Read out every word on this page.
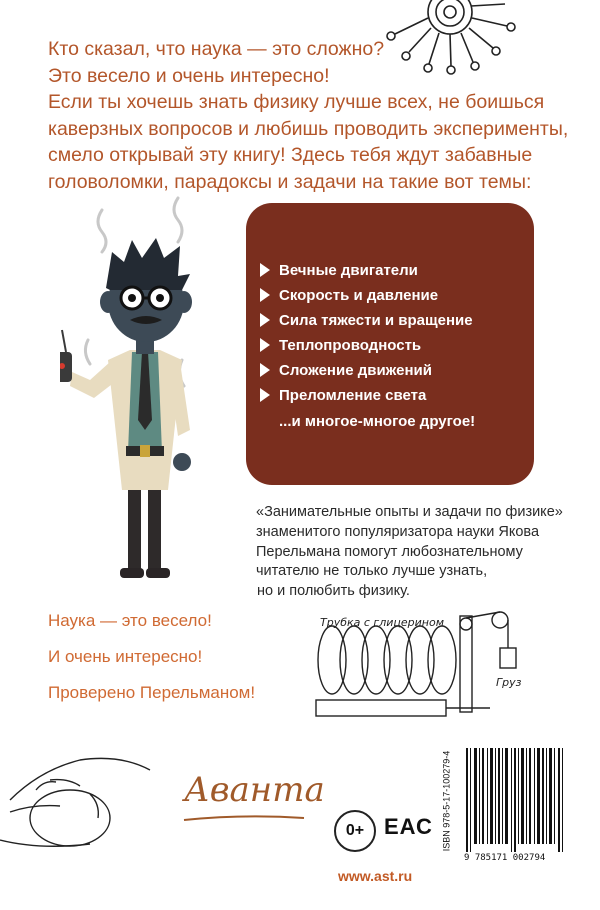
Кто сказал, что наука — это сложно?
Это весело и очень интересно!
Если ты хочешь знать физику лучше всех, не боишься
каверзных вопросов и любишь проводить эксперименты,
смело открывай эту книгу! Здесь тебя ждут забавные
головоломки, парадоксы и задачи на такие вот темы:
Вечные двигатели
Скорость и давление
Сила тяжести и вращение
Теплопроводность
Сложение движений
Преломление света
...и многое-многое другое!
«Занимательные опыты и задачи по физике»
знаменитого популяризатора науки Якова
Перельмана помогут любознательному
читателю не только лучше узнать,
но и полюбить физику.
Наука — это весело!
И очень интересно!
Проверено Перельманом!
Трубка с глицерином
Груз
Аванта
0+ ЕАС ISBN 978-5-17-100279-4
9 785171 002794
www.ast.ru
